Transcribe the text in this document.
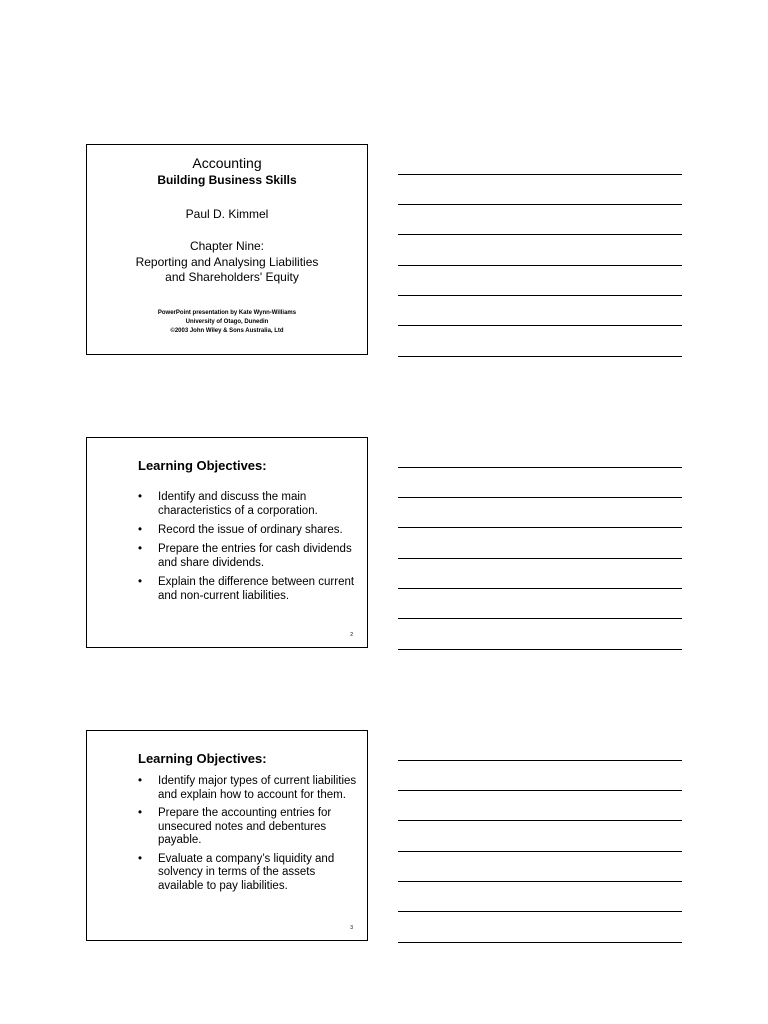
Accounting
Building Business Skills
Paul D. Kimmel
Chapter Nine:
Reporting and Analysing Liabilities
and Shareholders' Equity
PowerPoint presentation by Kate Wynn-Williams
University of Otago, Dunedin
©2003 John Wiley & Sons Australia, Ltd
Learning Objectives:
• Identify and discuss the main characteristics of a corporation.
• Record the issue of ordinary shares.
• Prepare the entries for cash dividends and share dividends.
• Explain the difference between current and non-current liabilities.
2
Learning Objectives:
• Identify major types of current liabilities and explain how to account for them.
• Prepare the accounting entries for unsecured notes and debentures payable.
• Evaluate a company’s liquidity and solvency in terms of the assets available to pay liabilities.
3
